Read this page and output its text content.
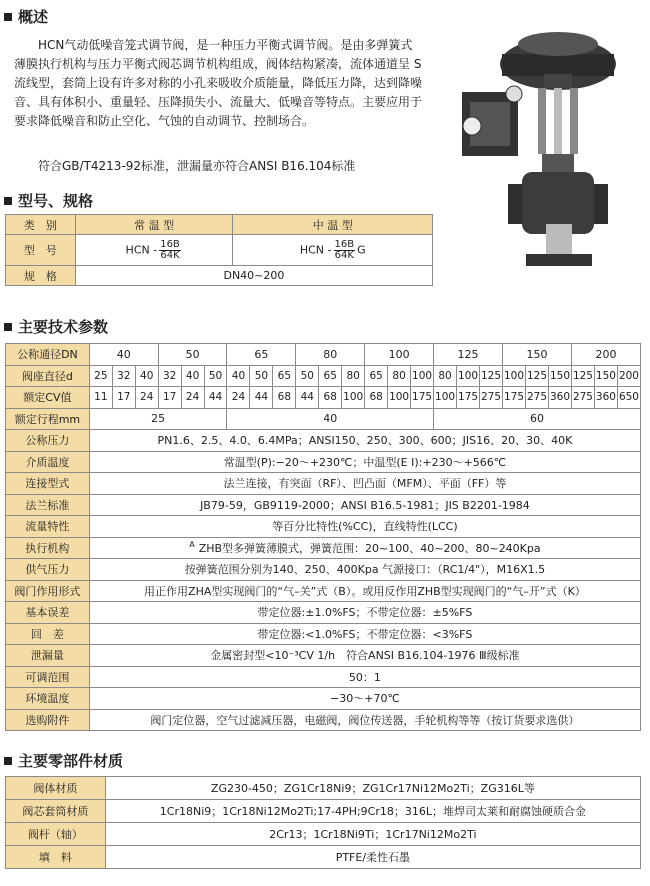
概述
HCN气动低噪音笼式调节阀，是一种压力平衡式调节阀。是由多弹簧式薄膜执行机构与压力平衡式阀芯调节机构组成，阀体结构紧凑，流体通道呈 S 流线型，套筒上设有许多对称的小孔来吸收介质能量，降低压力降，达到降噪音、具有体积小、重量轻、压降损失小、流量大、低噪音等特点。主要应用于要求降低噪音和防止空化、气蚀的自动调节、控制场合。
符合GB/T4213-92标准，泄漏量亦符合ANSI B16.104标准
型号、规格
类　别	常 温 型	中 温 型
型　号	HCN - $\frac{16B}{64K}$	HCN - $\frac{16B}{64K}$ G
规　格	DN40~200	
主要技术参数
公称通径DN	40			50			65			80			100			125			150			200		
阀座直径d	25	32	40	32	40	50	40	50	65	50	65	80	65	80	100	80	100	125	100	125	150	125	150	200
额定CV值	11	17	24	17	24	44	24	44	68	44	68	100	68	100	175	100	175	275	175	275	360	275	360	650
额定行程mm	25						40									60								
公称压力	PN1.6、2.5、4.0、6.4MPa；ANSI150、250、300、600；JIS16、20、30、40K																							
介质温度	常温型(P):−20～+230℃；中温型(E I):+230～+566℃																							
连接型式	法兰连接，有突面（RF）、凹凸面（MFM）、平面（FF）等																							
法兰标准	JB79-59，GB9119-2000；ANSI B16.5-1981；JIS B2201-1984																							
流量特性	等百分比特性(%CC)，直线特性(LCC)																							
执行机构	$^A$ ZHB型多弹簧薄膜式，弹簧范围：20~100、40~200、80~240Kpa																							
供气压力	按弹簧范围分别为140、250、400Kpa 气源接口：（RC1/4"），M16X1.5																							
阀门作用形式	用正作用ZHA型实现阀门的“气–关”式（B）。或用反作用ZHB型实现阀门的“气–开”式（K）																							
基本误差	带定位器:±1.0%FS；不带定位器：±5%FS																							
回　差	带定位器:<1.0%FS；不带定位器：<3%FS																							
泄漏量	金属密封型<10⁻³CV 1/h　符合ANSI B16.104-1976 Ⅲ级标准																							
可调范围	50：1																							
环境温度	−30～+70℃																							
选购附件	阀门定位器，空气过滤减压器，电磁阀，阀位传送器，手轮机构等等（按订货要求选供）																							
主要零部件材质
阀体材质	ZG230-450；ZG1Cr18Ni9；ZG1Cr17Ni12Mo2Ti；ZG316L等
阀芯套筒材质	1Cr18Ni9；1Cr18Ni12Mo2Ti;17-4PH;9Cr18；316L；堆焊司太莱和耐腐蚀硬质合金
阀杆（轴）	2Cr13；1Cr18Ni9Ti；1Cr17Ni12Mo2Ti
填　料	PTFE/柔性石墨
